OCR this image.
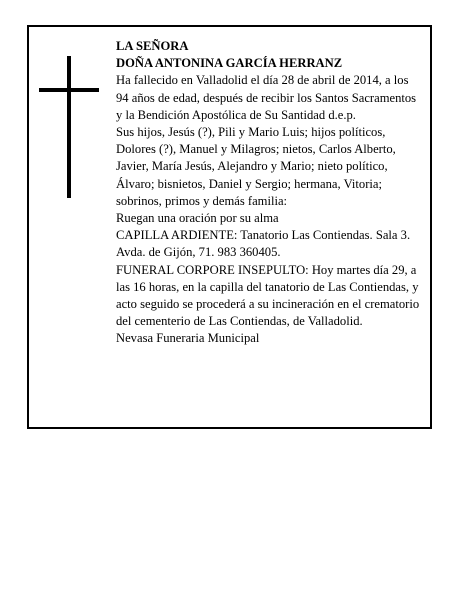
LA SEÑORA

DOÑA ANTONINA GARCÍA HERRANZ

Ha fallecido en Valladolid el día 28 de abril de 2014, a los 94 años de edad, después de recibir los Santos Sacramentos y la Bendición Apostólica de Su Santidad d.e.p.

Sus hijos, Jesús (?), Pili y Mario Luis; hijos políticos, Dolores (?), Manuel y Milagros; nietos, Carlos Alberto, Javier, María Jesús, Alejandro y Mario; nieto político, Álvaro; bisnietos, Daniel y Sergio; hermana, Vitoria; sobrinos, primos y demás familia:

Ruegan una oración por su alma

CAPILLA ARDIENTE: Tanatorio Las Contiendas. Sala 3. Avda. de Gijón, 71. 983 360405.

FUNERAL CORPORE INSEPULTO: Hoy martes día 29, a las 16 horas, en la capilla del tanatorio de Las Contiendas, y acto seguido se procederá a su incineración en el crematorio del cementerio de Las Contiendas, de Valladolid.

Nevasa Funeraria Municipal
